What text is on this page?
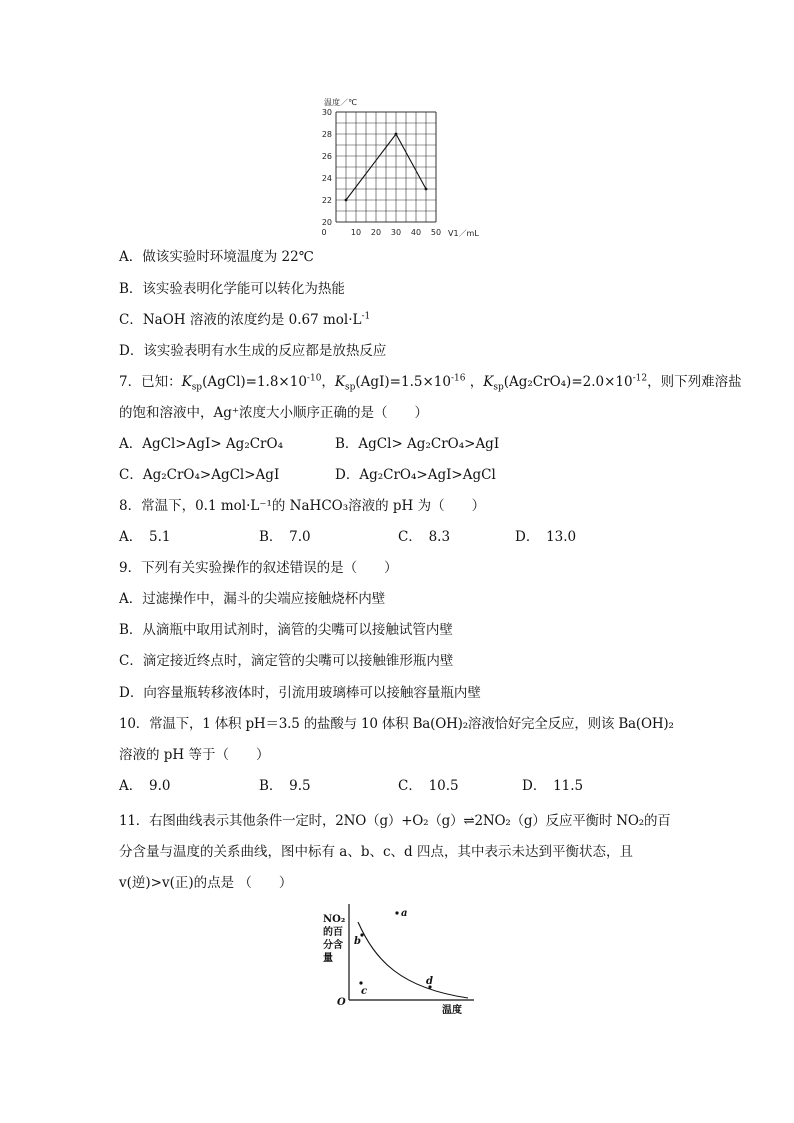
温度／℃
20
22
24
26
28
30
0	10 20 30 40 50 V1／mL
A．做该实验时环境温度为 22℃
B．该实验表明化学能可以转化为热能
C．NaOH 溶液的浓度约是 0.67 $mol\cdot L^{-1}$
D．该实验表明有水生成的反应都是放热反应
7．已知：$K_{sp}(AgCl)=1.8\times 10^{-10}$，$K_{sp}(AgI)=1.5\times 10^{-16}$ ，$K_{sp}(Ag_2CrO_4)=2.0\times 10^{-12}$，则下列难溶盐
的饱和溶液中，Ag⁺浓度大小顺序正确的是（　　）
A．AgCl>AgI> Ag₂CrO₄	B．AgCl> Ag₂CrO₄>AgI
C．Ag₂CrO₄>AgCl>AgI	D．Ag₂CrO₄>AgI>AgCl
8．常温下，0.1 mol·L⁻¹的 NaHCO₃溶液的 pH 为（　　）
A．　5.1	B．　7.0	C．　8.3	D．　13.0
9．下列有关实验操作的叙述错误的是（　　）
A．过滤操作中，漏斗的尖端应接触烧杯内壁
B．从滴瓶中取用试剂时，滴管的尖嘴可以接触试管内壁
C．滴定接近终点时，滴定管的尖嘴可以接触锥形瓶内壁
D．向容量瓶转移液体时，引流用玻璃棒可以接触容量瓶内壁
10．常温下，1 体积 pH＝3.5 的盐酸与 10 体积 Ba(OH)₂溶液恰好完全反应，则该 Ba(OH)₂
溶液的 pH 等于（　　）
A．　9.0	B．　9.5	C．　10.5	D．　11.5
11．右图曲线表示其他条件一定时，2NO（g）+O₂（g）⇌2NO₂（g）反应平衡时 NO₂的百
分含量与温度的关系曲线，图中标有 a、b、c、d 四点，其中表示未达到平衡状态，且
v(逆)>v(正)的点是 （　　）
NO₂
的百
分含
量
O
温度
a
b
c
d
